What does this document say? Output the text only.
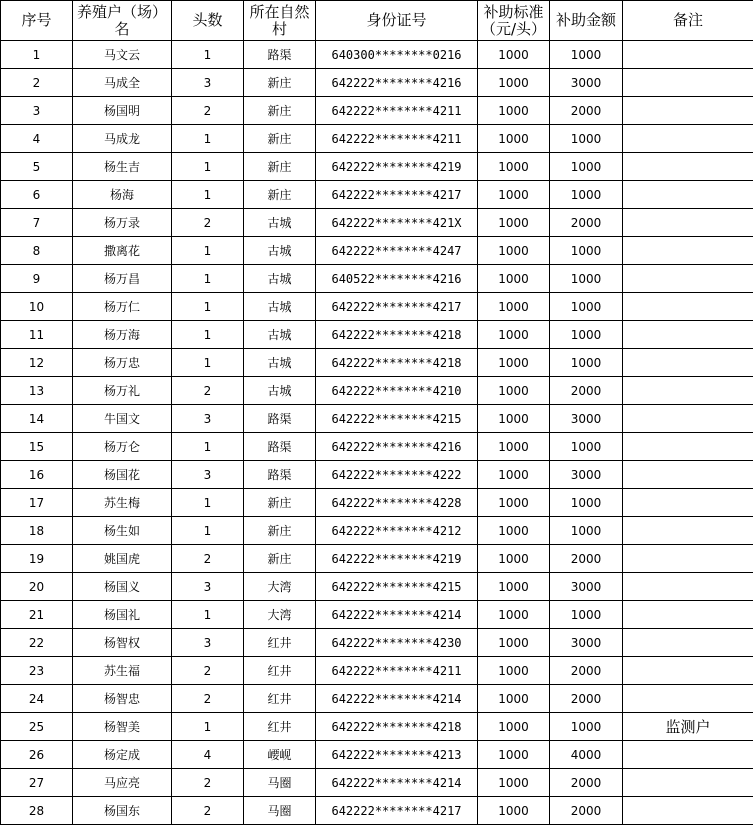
序号	养殖户（场）名	头数	所在自然村	身份证号	补助标准（元/头）	补助金额	备注
1	马文云	1	路渠	640300********0216	1000	1000	
2	马成全	3	新庄	642222********4216	1000	3000	
3	杨国明	2	新庄	642222********4211	1000	2000	
4	马成龙	1	新庄	642222********4211	1000	1000	
5	杨生吉	1	新庄	642222********4219	1000	1000	
6	杨海	1	新庄	642222********4217	1000	1000	
7	杨万录	2	古城	642222********421X	1000	2000	
8	撒离花	1	古城	642222********4247	1000	1000	
9	杨万昌	1	古城	640522********4216	1000	1000	
10	杨万仁	1	古城	642222********4217	1000	1000	
11	杨万海	1	古城	642222********4218	1000	1000	
12	杨万忠	1	古城	642222********4218	1000	1000	
13	杨万礼	2	古城	642222********4210	1000	2000	
14	牛国文	3	路渠	642222********4215	1000	3000	
15	杨万仑	1	路渠	642222********4216	1000	1000	
16	杨国花	3	路渠	642222********4222	1000	3000	
17	苏生梅	1	新庄	642222********4228	1000	1000	
18	杨生如	1	新庄	642222********4212	1000	1000	
19	姚国虎	2	新庄	642222********4219	1000	2000	
20	杨国义	3	大湾	642222********4215	1000	3000	
21	杨国礼	1	大湾	642222********4214	1000	1000	
22	杨智权	3	红井	642222********4230	1000	3000	
23	苏生福	2	红井	642222********4211	1000	2000	
24	杨智忠	2	红井	642222********4214	1000	2000	
25	杨智美	1	红井	642222********4218	1000	1000	监测户
26	杨定成	4	崾岘	642222********4213	1000	4000	
27	马应亮	2	马圈	642222********4214	1000	2000	
28	杨国东	2	马圈	642222********4217	1000	2000	
